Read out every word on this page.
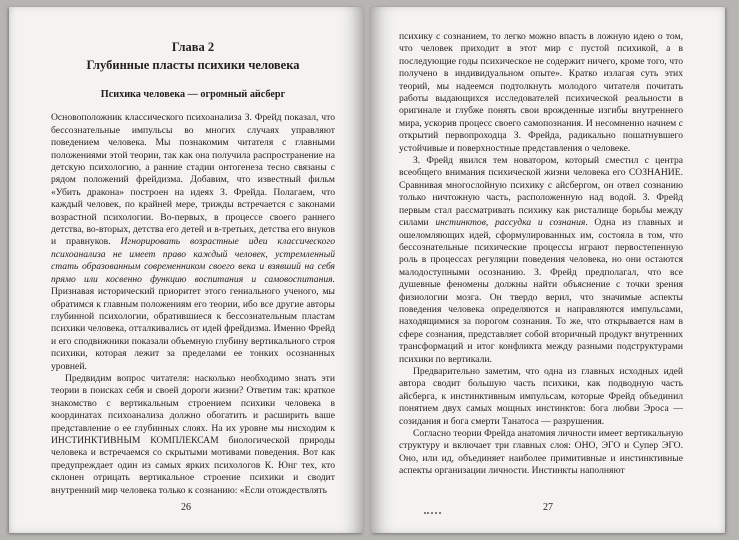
Глава 2
Глубинные пласты психики человека
Психика человека — огромный айсберг

Основоположник классического психоанализа З. Фрейд показал, что бессознательные импульсы во многих случаях управляют поведением человека. Мы познакомим читателя с главными положениями этой теории, так как она получила распространение на детскую психологию, а ранние стадии онтогенеза тесно связаны с рядом положений фрейдизма. Добавим, что известный фильм «Убить дракона» построен на идеях З. Фрейда. Полагаем, что каждый человек, по крайней мере, трижды встречается с законами возрастной психологии. Во-первых, в процессе своего раннего детства, во-вторых, детства его детей и в-третьих, детства его внуков и правнуков. Игнорировать возрастные идеи классического психоанализа не имеет право каждый человек, устремленный стать образованным современником своего века и взявший на себя прямо или косвенно функцию воспитания и самовоспитания. Признавая исторический приоритет этого гениального ученого, мы обратимся к главным положениям его теории, ибо все другие авторы глубинной психологии, обратившиеся к бессознательным пластам психики человека, отталкивались от идей фрейдизма. Именно Фрейд и его сподвижники показали объемную глубину вертикального строя психики, которая лежит за пределами ее тонких осознанных уровней.

Предвидим вопрос читателя: насколько необходимо знать эти теории в поисках себя и своей дороги жизни? Ответим так: краткое знакомство с вертикальным строением психики человека в координатах психоанализа должно обогатить и расширить ваше представление о ее глубинных слоях. На их уровне мы нисходим к ИНСТИНКТИВНЫМ КОМПЛЕКСАМ биологической природы человека и встречаемся со скрытыми мотивами поведения. Вот как предупреждает один из самых ярких психологов К. Юнг тех, кто склонен отрицать вертикальное строение психики и сводит внутренний мир человека только к сознанию: «Если отождествлять

26

психику с сознанием, то легко можно впасть в ложную идею о том, что человек приходит в этот мир с пустой психикой, а в последующие годы психическое не содержит ничего, кроме того, что получено в индивидуальном опыте». Кратко излагая суть этих теорий, мы надеемся подтолкнуть молодого читателя почитать работы выдающихся исследователей психической реальности в оригинале и глубже понять свои врожденные изгибы внутреннего мира, ускорив процесс своего самопознания. И несомненно начнем с открытий первопроходца З. Фрейда, радикально пошатнувшего устойчивые и поверхностные представления о человеке.

З. Фрейд явился тем новатором, который сместил с центра всеобщего внимания психической жизни человека его СОЗНАНИЕ. Сравнивая многослойную психику с айсбергом, он отвел сознанию только ничтожную часть, расположенную над водой. З. Фрейд первым стал рассматривать психику как ристалище борьбы между силами инстинктов, рассудка и сознания. Одна из главных и ошеломляющих идей, сформулированных им, состояла в том, что бессознательные психические процессы играют первостепенную роль в процессах регуляции поведения человека, но они остаются малодоступными осознанию. З. Фрейд предполагал, что все душевные феномены должны найти объяснение с точки зрения физиологии мозга. Он твердо верил, что значимые аспекты поведения человека определяются и направляются импульсами, находящимися за порогом сознания. То же, что открывается нам в сфере сознания, представляет собой вторичный продукт внутренних трансформаций и итог конфликта между разными подструктурами психики по вертикали.

Предварительно заметим, что одна из главных исходных идей автора сводит большую часть психики, как подводную часть айсберга, к инстинктивным импульсам, которые Фрейд объединил понятием двух самых мощных инстинктов: бога любви Эроса — созидания и бога смерти Танатоса — разрушения.

Согласно теории Фрейда анатомия личности имеет вертикальную структуру и включает три главных слоя: ОНО, ЭГО и Супер ЭГО. Оно, или ид, объединяет наиболее примитивные и инстинктивные аспекты организации личности. Инстинкты наполняют

27
